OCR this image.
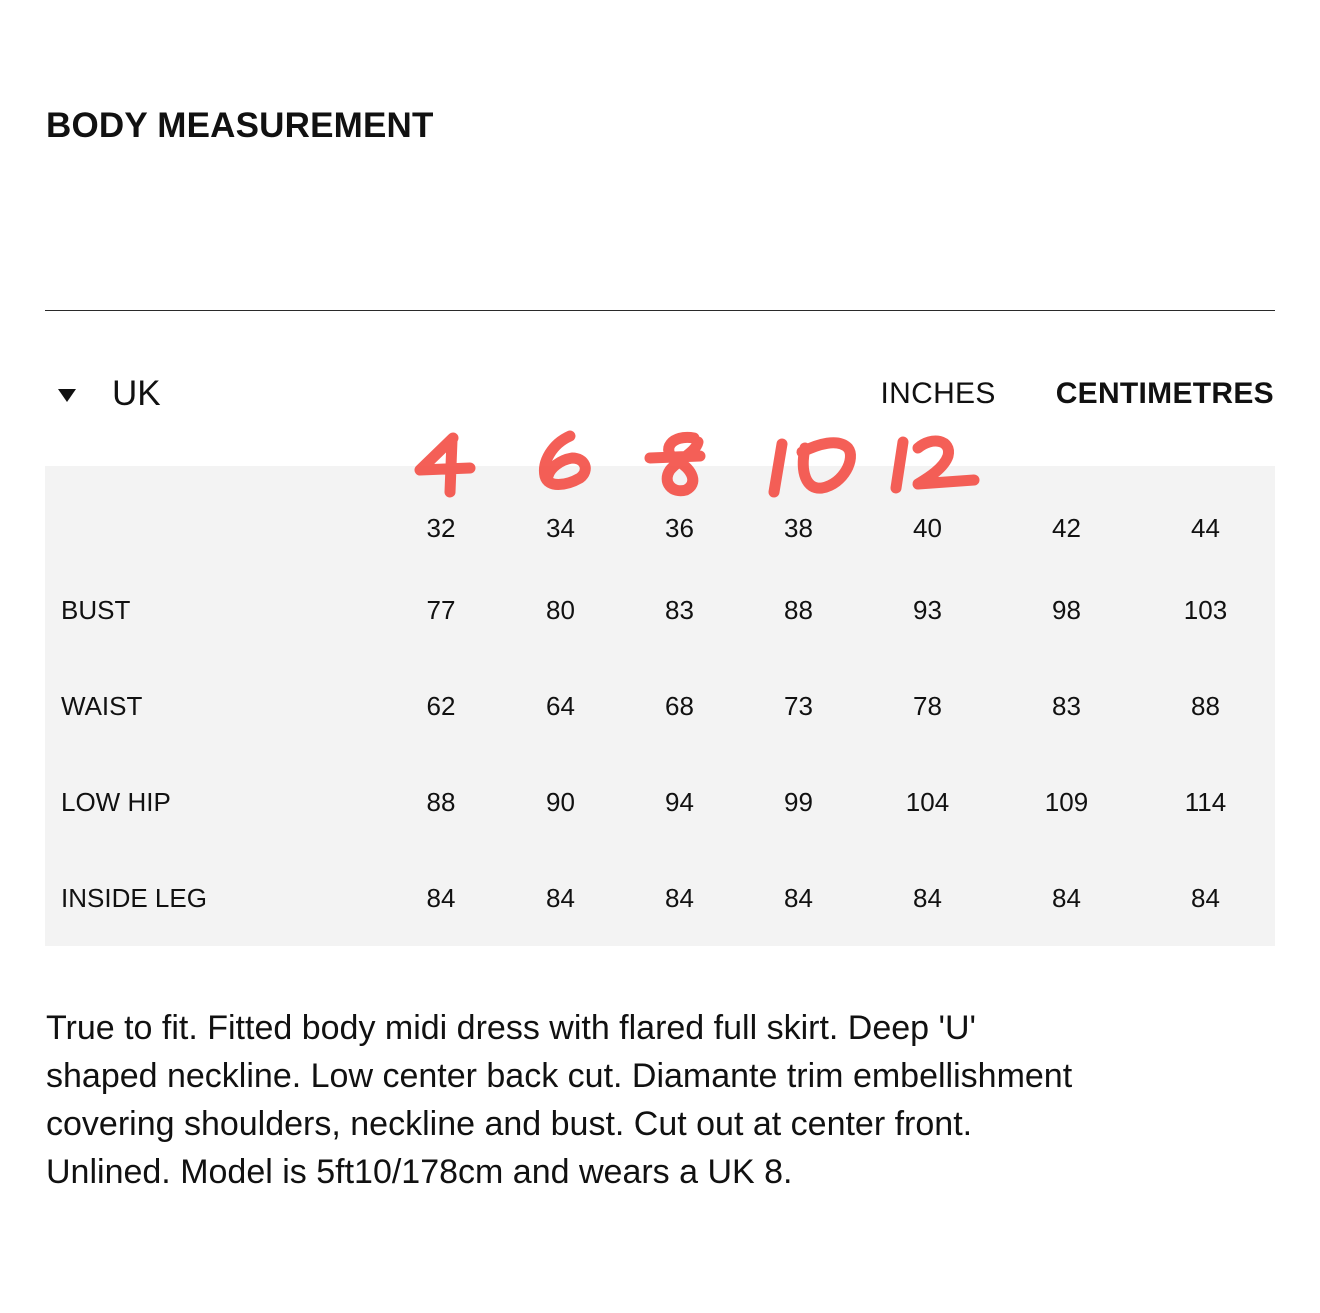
BODY MEASUREMENT
UK	INCHES CENTIMETRES
	32	34	36	38	40	42	44
BUST	77	80	83	88	93	98	103
WAIST	62	64	68	73	78	83	88
LOW HIP	88	90	94	99	104	109	114
INSIDE LEG	84	84	84	84	84	84	84

True to fit. Fitted body midi dress with flared full skirt. Deep 'U' shaped neckline. Low center back cut. Diamante trim embellishment covering shoulders, neckline and bust. Cut out at center front. Unlined. Model is 5ft10/178cm and wears a UK 8.
